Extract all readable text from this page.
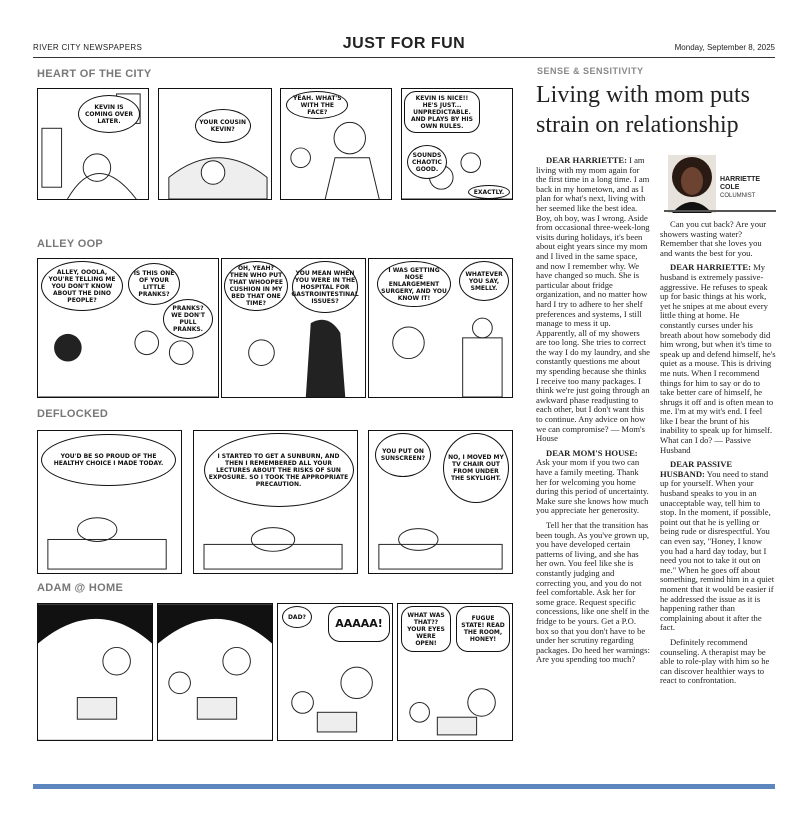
RIVER CITY NEWSPAPERS	JUST FOR FUN	Monday, September 8, 2025
HEART OF THE CITY
KEVIN IS COMING OVER LATER.	YOUR COUSIN KEVIN?
YEAH. WHAT'S WITH THE FACE?
KEVIN IS NICE!! HE'S JUST... UNPREDICTABLE. AND PLAYS BY HIS OWN RULES.
SOUNDS CHAOTIC GOOD.
EXACTLY.
ALLEY OOP
ALLEY, OOOLA, YOU'RE TELLING ME YOU DON'T KNOW ABOUT THE DINO PEOPLE?
IS THIS ONE OF YOUR LITTLE PRANKS?
PRANKS? WE DON'T PULL PRANKS.
OH, YEAH? THEN WHO PUT THAT WHOOPEE CUSHION IN MY BED THAT ONE TIME?
YOU MEAN WHEN YOU WERE IN THE HOSPITAL FOR GASTROINTESTINAL ISSUES?
I WAS GETTING NOSE ENLARGEMENT SURGERY, AND YOU KNOW IT!
WHATEVER YOU SAY, SMELLY.
DEFLOCKED
YOU'D BE SO PROUD OF THE HEALTHY CHOICE I MADE TODAY.
I STARTED TO GET A SUNBURN, AND THEN I REMEMBERED ALL YOUR LECTURES ABOUT THE RISKS OF SUN EXPOSURE. SO I TOOK THE APPROPRIATE PRECAUTION.
YOU PUT ON SUNSCREEN?	NO, I MOVED MY TV CHAIR OUT FROM UNDER THE SKYLIGHT.
ADAM @ HOME
DAD?	AAAAA!
WHAT WAS THAT?? YOUR EYES WERE OPEN!
FUGUE STATE! READ THE ROOM, HONEY!
SENSE & SENSITIVITY
Living with mom puts strain on relationship
HARRIETTE COLE
COLUMNIST

DEAR HARRIETTE: I am living with my mom again for the first time in a long time. I am back in my hometown, and as I plan for what's next, living with her seemed like the best idea. Boy, oh boy, was I wrong. Aside from occasional three-week-long visits during holidays, it's been about eight years since my mom and I lived in the same space, and now I remember why. We have changed so much. She is particular about fridge organization, and no matter how hard I try to adhere to her shelf preferences and systems, I still manage to mess it up. Apparently, all of my showers are too long. She tries to correct the way I do my laundry, and she constantly questions me about my spending because she thinks I receive too many packages. I think we're just going through an awkward phase readjusting to each other, but I don't want this to continue. Any advice on how we can compromise? — Mom's House

DEAR MOM'S HOUSE: Ask your mom if you two can have a family meeting. Thank her for welcoming you home during this period of uncertainty. Make sure she knows how much you appreciate her generosity.

Tell her that the transition has been tough. As you've grown up, you have developed certain patterns of living, and she has her own. You feel like she is constantly judging and correcting you, and you do not feel comfortable. Ask her for some grace. Request specific concessions, like one shelf in the fridge to be yours. Get a P.O. box so that you don't have to be under her scrutiny regarding packages. Do heed her warnings: Are you spending too much?

Can you cut back? Are your showers wasting water? Remember that she loves you and wants the best for you.

DEAR HARRIETTE: My husband is extremely passive-aggressive. He refuses to speak up for basic things at his work, yet he snipes at me about every little thing at home. He constantly curses under his breath about how somebody did him wrong, but when it's time to speak up and defend himself, he's quiet as a mouse. This is driving me nuts. When I recommend things for him to say or do to take better care of himself, he shrugs it off and is often mean to me. I'm at my wit's end. I feel like I bear the brunt of his inability to speak up for himself. What can I do? — Passive Husband

DEAR PASSIVE HUSBAND: You need to stand up for yourself. When your husband speaks to you in an unacceptable way, tell him to stop. In the moment, if possible, point out that he is yelling or being rude or disrespectful. You can even say, "Honey, I know you had a hard day today, but I need you not to take it out on me." When he goes off about something, remind him in a quiet moment that it would be easier if he addressed the issue as it is happening rather than complaining about it after the fact.

Definitely recommend counseling. A therapist may be able to role-play with him so he can discover healthier ways to react to confrontation.
